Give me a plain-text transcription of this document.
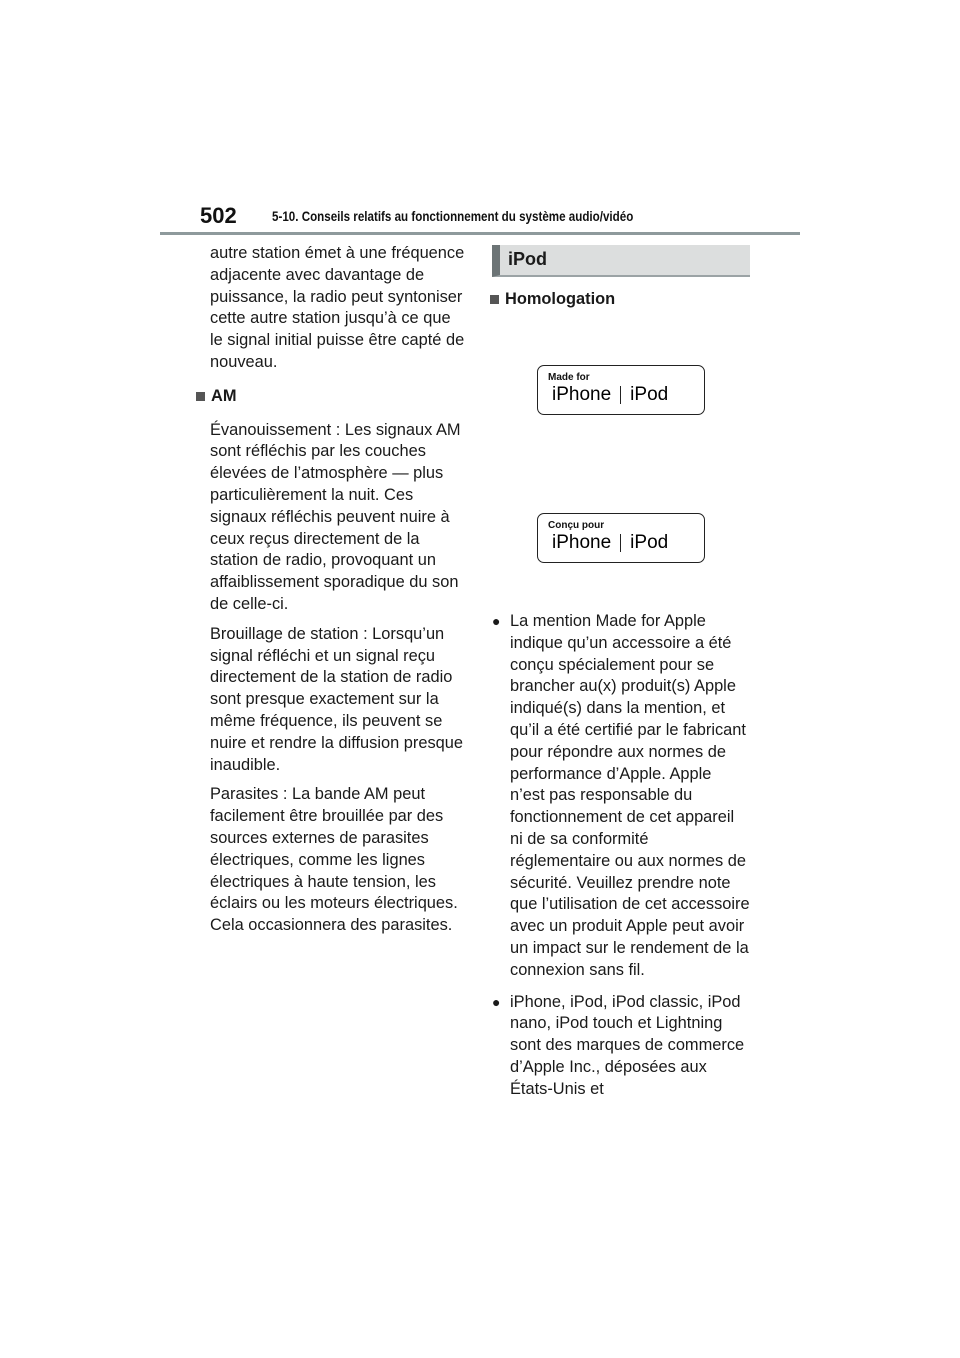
502	5-10. Conseils relatifs au fonctionnement du système audio/vidéo

autre station émet à une fréquence adjacente avec davantage de puissance, la radio peut syntoniser cette autre station jusqu’à ce que le signal initial puisse être capté de nouveau.

AM

Évanouissement : Les signaux AM sont réfléchis par les couches élevées de l’atmosphère — plus particulièrement la nuit. Ces signaux réfléchis peuvent nuire à ceux reçus directement de la station de radio, provoquant un affaiblissement sporadique du son de celle-ci.

Brouillage de station : Lorsqu’un signal réfléchi et un signal reçu directement de la station de radio sont presque exactement sur la même fréquence, ils peuvent se nuire et rendre la diffusion presque inaudible.

Parasites : La bande AM peut facilement être brouillée par des sources externes de parasites électriques, comme les lignes électriques à haute tension, les éclairs ou les moteurs électriques. Cela occasionnera des parasites.

iPod
Homologation
Made for
iPhone iPod
Conçu pour
iPhone iPod
● La mention Made for Apple indique qu’un accessoire a été conçu spécialement pour se brancher au(x) produit(s) Apple indiqué(s) dans la mention, et qu’il a été certifié par le fabricant pour répondre aux normes de performance d’Apple. Apple n’est pas responsable du fonctionnement de cet appareil ni de sa conformité réglementaire ou aux normes de sécurité. Veuillez prendre note que l’utilisation de cet accessoire avec un produit Apple peut avoir un impact sur le rendement de la connexion sans fil.
● iPhone, iPod, iPod classic, iPod nano, iPod touch et Lightning sont des marques de commerce d’Apple Inc., déposées aux États-Unis et
